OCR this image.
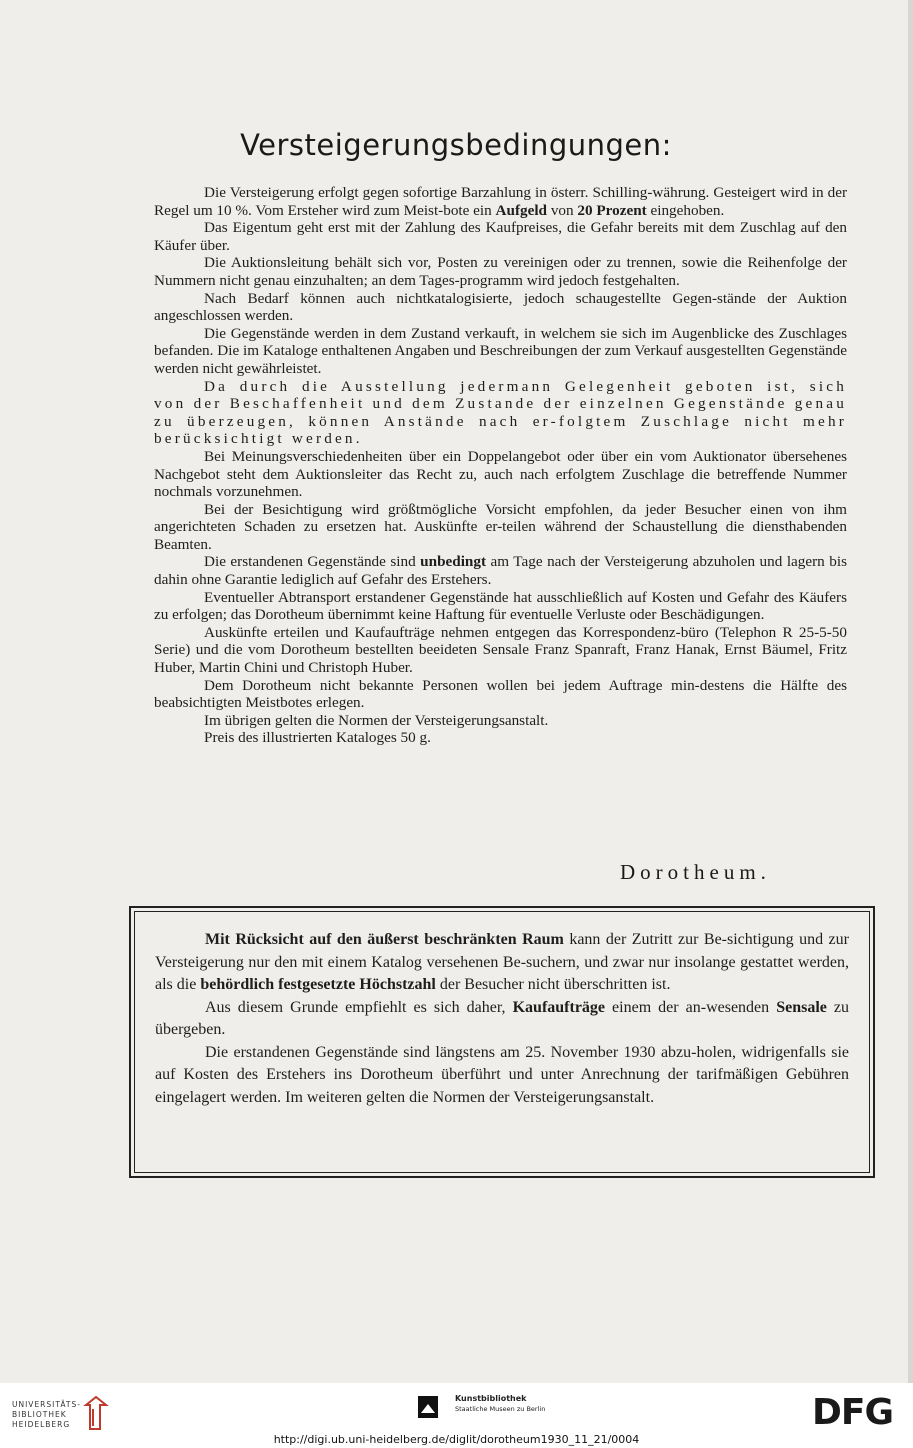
Versteigerungsbedingungen:

Die Versteigerung erfolgt gegen sofortige Barzahlung in österr. Schilling-währung. Gesteigert wird in der Regel um 10 %. Vom Ersteher wird zum Meist-bote ein Aufgeld von 20 Prozent eingehoben.

Das Eigentum geht erst mit der Zahlung des Kaufpreises, die Gefahr bereits mit dem Zuschlag auf den Käufer über.

Die Auktionsleitung behält sich vor, Posten zu vereinigen oder zu trennen, sowie die Reihenfolge der Nummern nicht genau einzuhalten; an dem Tages-programm wird jedoch festgehalten.

Nach Bedarf können auch nichtkatalogisierte, jedoch schaugestellte Gegen-stände der Auktion angeschlossen werden.

Die Gegenstände werden in dem Zustand verkauft, in welchem sie sich im Augenblicke des Zuschlages befanden. Die im Kataloge enthaltenen Angaben und Beschreibungen der zum Verkauf ausgestellten Gegenstände werden nicht gewährleistet.

Da durch die Ausstellung jedermann Gelegenheit geboten ist, sich von der Beschaffenheit und dem Zustande der einzelnen Gegenstände genau zu überzeugen, können Anstände nach er-folgtem Zuschlage nicht mehr berücksichtigt werden.

Bei Meinungsverschiedenheiten über ein Doppelangebot oder über ein vom Auktionator übersehenes Nachgebot steht dem Auktionsleiter das Recht zu, auch nach erfolgtem Zuschlage die betreffende Nummer nochmals vorzunehmen.

Bei der Besichtigung wird größtmögliche Vorsicht empfohlen, da jeder Besucher einen von ihm angerichteten Schaden zu ersetzen hat. Auskünfte er-teilen während der Schaustellung die diensthabenden Beamten.

Die erstandenen Gegenstände sind unbedingt am Tage nach der Versteigerung abzuholen und lagern bis dahin ohne Garantie lediglich auf Gefahr des Erstehers.

Eventueller Abtransport erstandener Gegenstände hat ausschließlich auf Kosten und Gefahr des Käufers zu erfolgen; das Dorotheum übernimmt keine Haftung für eventuelle Verluste oder Beschädigungen.

Auskünfte erteilen und Kaufaufträge nehmen entgegen das Korrespondenz-büro (Telephon R 25-5-50 Serie) und die vom Dorotheum bestellten beeideten Sensale Franz Spanraft, Franz Hanak, Ernst Bäumel, Fritz Huber, Martin Chini und Christoph Huber.

Dem Dorotheum nicht bekannte Personen wollen bei jedem Auftrage min-destens die Hälfte des beabsichtigten Meistbotes erlegen.

Im übrigen gelten die Normen der Versteigerungsanstalt.

Preis des illustrierten Kataloges 50 g.

Dorotheum.

Mit Rücksicht auf den äußerst beschränkten Raum kann der Zutritt zur Be-sichtigung und zur Versteigerung nur den mit einem Katalog versehenen Be-suchern, und zwar nur insolange gestattet werden, als die behördlich festgesetzte Höchstzahl der Besucher nicht überschritten ist.

Aus diesem Grunde empfiehlt es sich daher, Kaufaufträge einem der an-wesenden Sensale zu übergeben.

Die erstandenen Gegenstände sind längstens am 25. November 1930 abzu-holen, widrigenfalls sie auf Kosten des Erstehers ins Dorotheum überführt und unter Anrechnung der tarifmäßigen Gebühren eingelagert werden. Im weiteren gelten die Normen der Versteigerungsanstalt.

UNIVERSITÄTS-
BIBLIOTHEK
HEIDELBERG
Kunstbibliothek
Staatliche Museen zu Berlin	DFG
http://digi.ub.uni-heidelberg.de/diglit/dorotheum1930_11_21/0004
